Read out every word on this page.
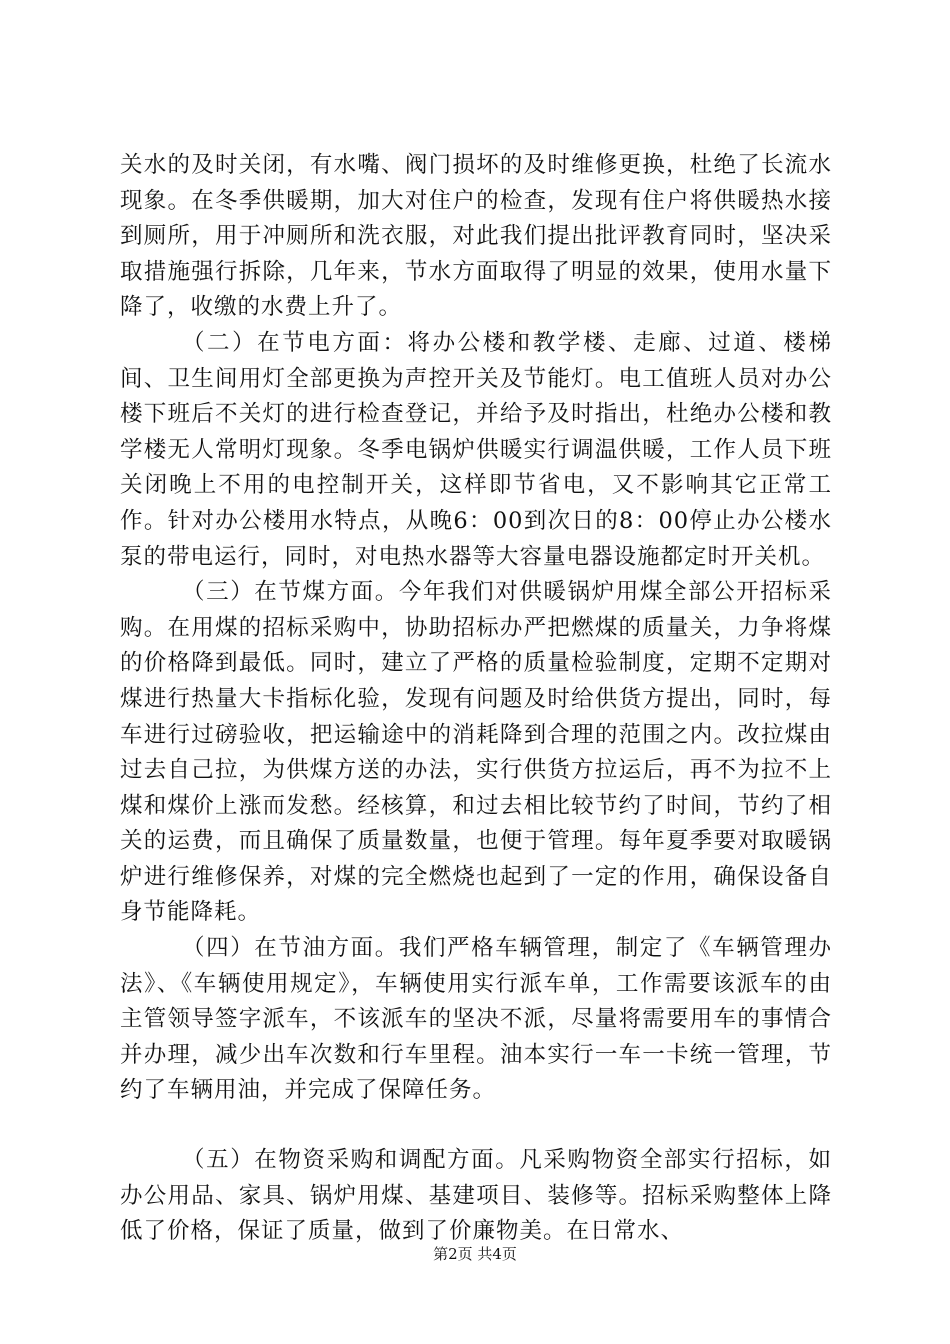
关水的及时关闭，有水嘴、阀门损坏的及时维修更换，杜绝了长流水现象。在冬季供暖期，加大对住户的检查，发现有住户将供暖热水接到厕所，用于冲厕所和洗衣服，对此我们提出批评教育同时，坚决采取措施强行拆除，几年来，节水方面取得了明显的效果，使用水量下降了，收缴的水费上升了。

（二）在节电方面：将办公楼和教学楼、走廊、过道、楼梯间、卫生间用灯全部更换为声控开关及节能灯。电工值班人员对办公楼下班后不关灯的进行检查登记，并给予及时指出，杜绝办公楼和教学楼无人常明灯现象。冬季电锅炉供暖实行调温供暖，工作人员下班关闭晚上不用的电控制开关，这样即节省电，又不影响其它正常工作。针对办公楼用水特点，从晚6：00到次日的8：00停止办公楼水泵的带电运行，同时，对电热水器等大容量电器设施都定时开关机。

（三）在节煤方面。今年我们对供暖锅炉用煤全部公开招标采购。在用煤的招标采购中，协助招标办严把燃煤的质量关，力争将煤的价格降到最低。同时，建立了严格的质量检验制度，定期不定期对煤进行热量大卡指标化验，发现有问题及时给供货方提出，同时，每车进行过磅验收，把运输途中的消耗降到合理的范围之内。改拉煤由过去自己拉，为供煤方送的办法，实行供货方拉运后，再不为拉不上煤和煤价上涨而发愁。经核算，和过去相比较节约了时间，节约了相关的运费，而且确保了质量数量，也便于管理。每年夏季要对取暖锅炉进行维修保养，对煤的完全燃烧也起到了一定的作用，确保设备自身节能降耗。

（四）在节油方面。我们严格车辆管理，制定了《车辆管理办法》、《车辆使用规定》，车辆使用实行派车单，工作需要该派车的由主管领导签字派车，不该派车的坚决不派，尽量将需要用车的事情合并办理，减少出车次数和行车里程。油本实行一车一卡统一管理，节约了车辆用油，并完成了保障任务。

（五）在物资采购和调配方面。凡采购物资全部实行招标，如办公用品、家具、锅炉用煤、基建项目、装修等。招标采购整体上降低了价格，保证了质量，做到了价廉物美。在日常水、

第2页 共4页
